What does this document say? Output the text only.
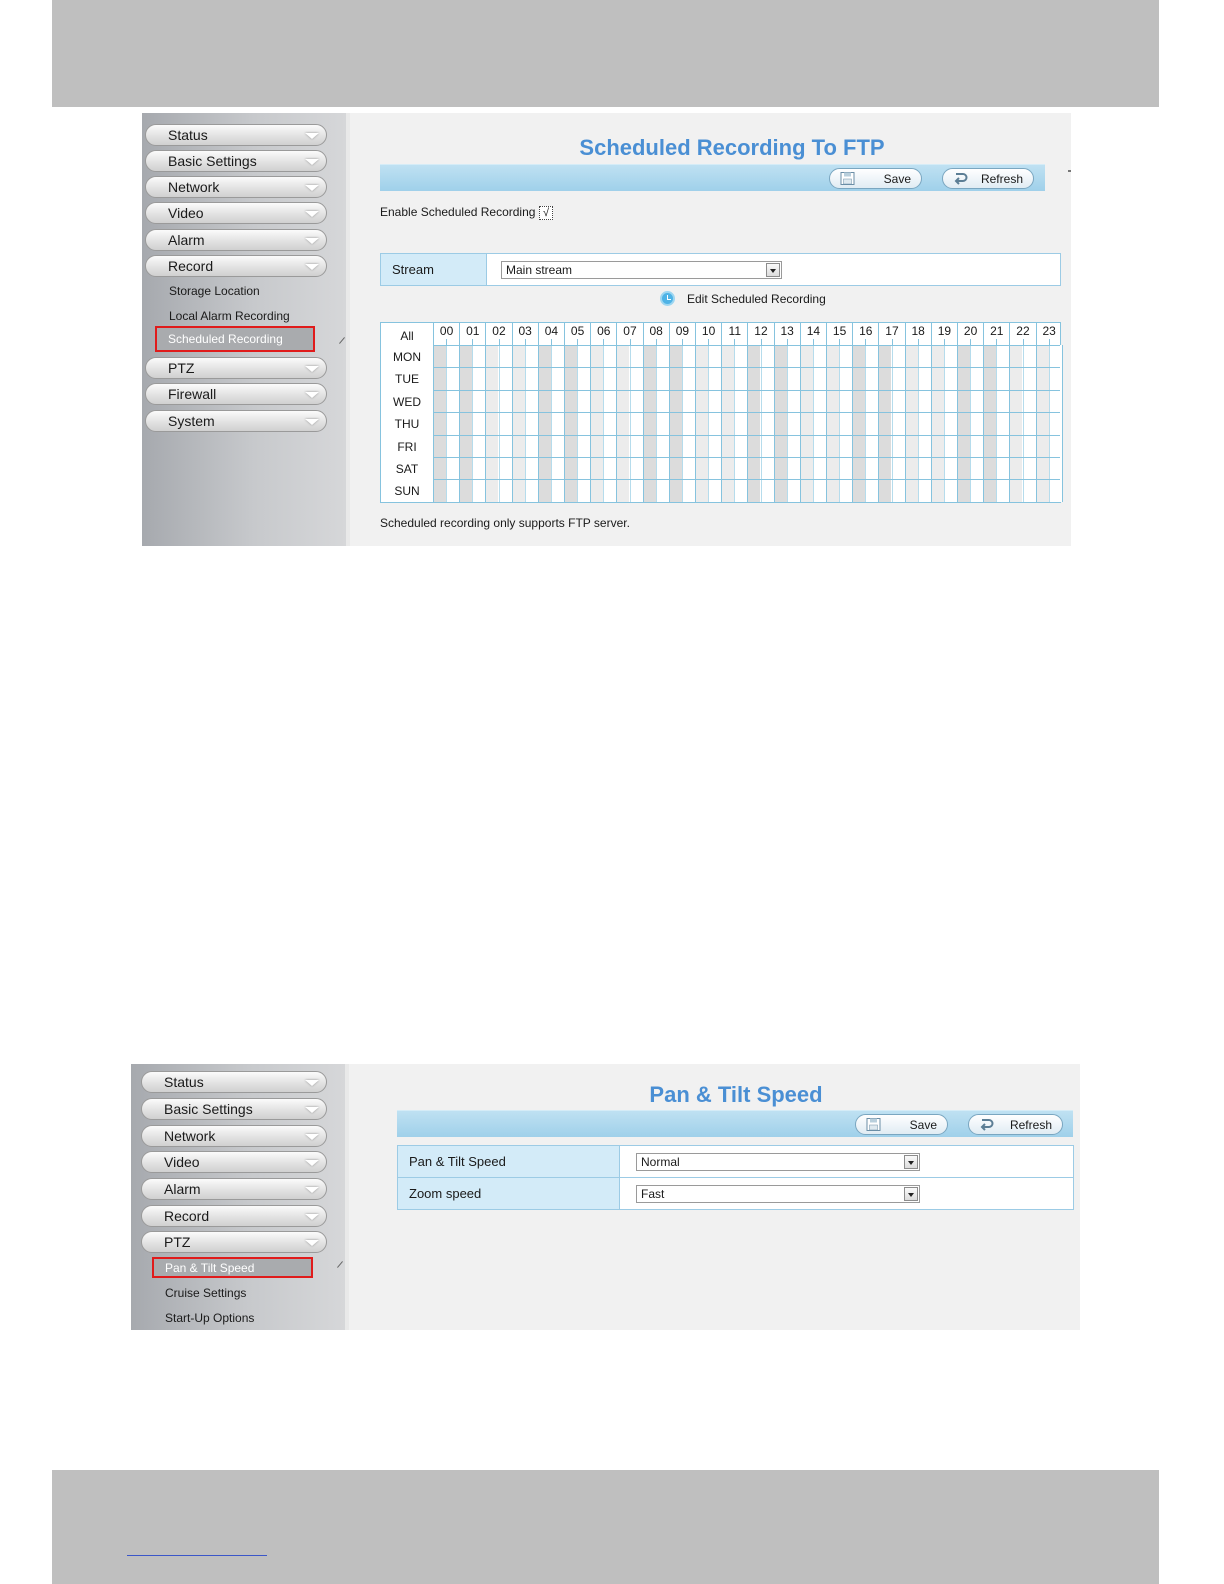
Status
Basic Settings
Network
Video
Alarm
Record
Storage Location
Local Alarm Recording
Scheduled Recording
PTZ
Firewall
System
Scheduled Recording To FTP
Save	Refresh
Enable Scheduled Recording √
Stream	Main stream
Edit Scheduled Recording
All	00	01	02	03	04	05	06	07	08	09	10	11	12	13	14	15	16	17	18	19	20	21	22	23
MON
TUE
WED
THU
FRI
SAT
SUN
Scheduled recording only supports FTP server.
Status
Basic Settings
Network
Video
Alarm
Record
PTZ
Pan & Tilt Speed
Cruise Settings
Start-Up Options
Pan & Tilt Speed
Save	Refresh
Pan & Tilt Speed	Normal
Zoom speed	Fast
